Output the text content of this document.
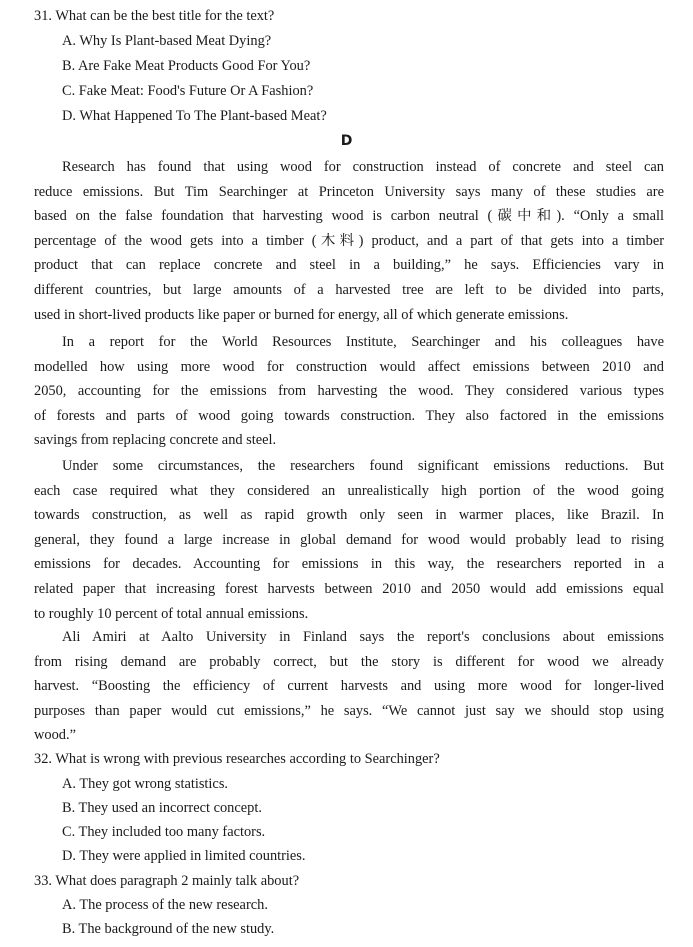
31. What can be the best title for the text?
A. Why Is Plant-based Meat Dying?
B. Are Fake Meat Products Good For You?
C. Fake Meat: Food's Future Or A Fashion?
D. What Happened To The Plant-based Meat?
D
Research has found that using wood for construction instead of concrete and steel can
reduce emissions. But Tim Searchinger at Princeton University says many of these studies are
based on the false foundation that harvesting wood is carbon neutral (碳中和). “Only a small
percentage of the wood gets into a timber (木料) product, and a part of that gets into a timber
product that can replace concrete and steel in a building,” he says. Efficiencies vary in
different countries, but large amounts of a harvested tree are left to be divided into parts,
used in short-lived products like paper or burned for energy, all of which generate emissions.
In a report for the World Resources Institute, Searchinger and his colleagues have
modelled how using more wood for construction would affect emissions between 2010 and
2050, accounting for the emissions from harvesting the wood. They considered various types
of forests and parts of wood going towards construction. They also factored in the emissions
savings from replacing concrete and steel.
Under some circumstances, the researchers found significant emissions reductions. But
each case required what they considered an unrealistically high portion of the wood going
towards construction, as well as rapid growth only seen in warmer places, like Brazil. In
general, they found a large increase in global demand for wood would probably lead to rising
emissions for decades. Accounting for emissions in this way, the researchers reported in a
related paper that increasing forest harvests between 2010 and 2050 would add emissions equal
to roughly 10 percent of total annual emissions.
Ali Amiri at Aalto University in Finland says the report's conclusions about emissions
from rising demand are probably correct, but the story is different for wood we already
harvest. “Boosting the efficiency of current harvests and using more wood for longer-lived
purposes than paper would cut emissions,” he says. “We cannot just say we should stop using
wood.”
32. What is wrong with previous researches according to Searchinger?
A. They got wrong statistics.
B. They used an incorrect concept.
C. They included too many factors.
D. They were applied in limited countries.
33. What does paragraph 2 mainly talk about?
A. The process of the new research.
B. The background of the new study.
